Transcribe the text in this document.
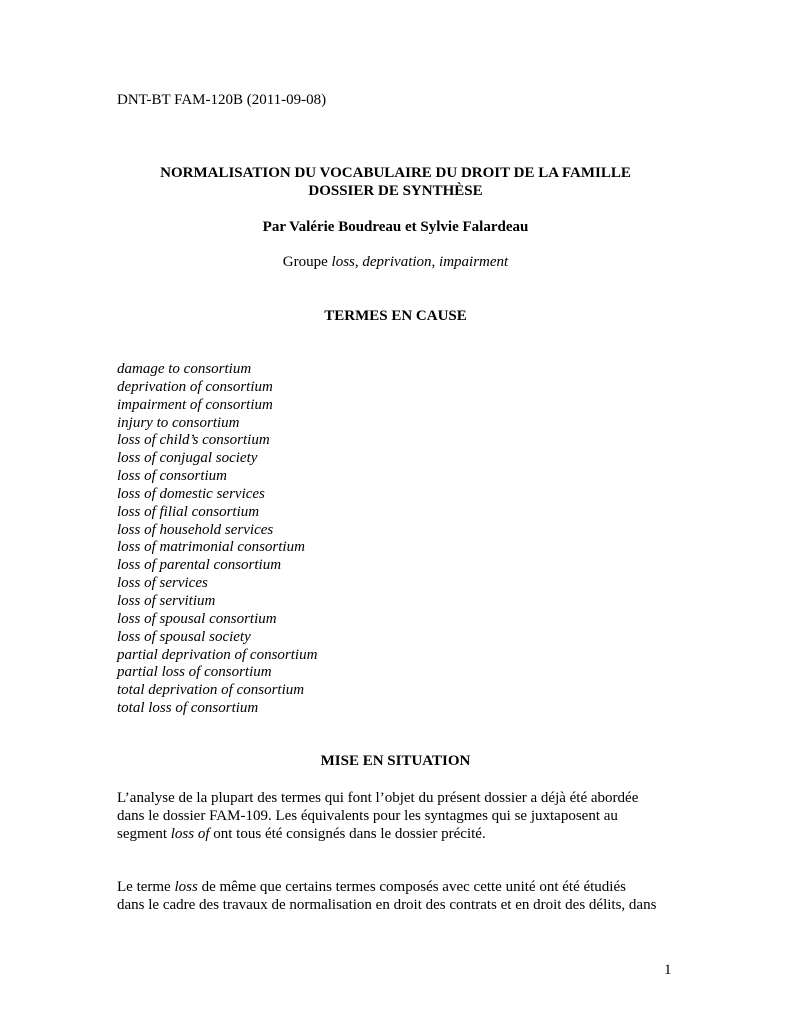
DNT-BT FAM-120B (2011-09-08)
NORMALISATION DU VOCABULAIRE DU DROIT DE LA FAMILLE
DOSSIER DE SYNTHÈSE
Par Valérie Boudreau et Sylvie Falardeau
Groupe loss, deprivation, impairment
TERMES EN CAUSE
damage to consortium
deprivation of consortium
impairment of consortium
injury to consortium
loss of child’s consortium
loss of conjugal society
loss of consortium
loss of domestic services
loss of filial consortium
loss of household services
loss of matrimonial consortium
loss of parental consortium
loss of services
loss of servitium
loss of spousal consortium
loss of spousal society
partial deprivation of consortium
partial loss of consortium
total deprivation of consortium
total loss of consortium
MISE EN SITUATION
L’analyse de la plupart des termes qui font l’objet du présent dossier a déjà été abordée
dans le dossier FAM-109. Les équivalents pour les syntagmes qui se juxtaposent au
segment loss of ont tous été consignés dans le dossier précité.
Le terme loss de même que certains termes composés avec cette unité ont été étudiés
dans le cadre des travaux de normalisation en droit des contrats et en droit des délits, dans
1
